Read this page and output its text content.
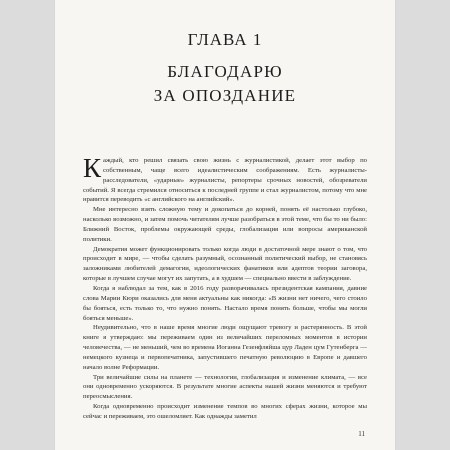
ГЛАВА 1
БЛАГОДАРЮ
ЗА ОПОЗДАНИЕ

Каждый, кто решил связать свою жизнь с журналистикой, делает этот выбор по собственным, чаще всего идеалистическим соображениям. Есть журналисты-расследователи, «ударные» журналисты, репортеры срочных новостей, обозреватели событий. Я всегда стремился относиться к последней группе и стал журналистом, потому что мне нравится переводить «с английского на английский».

Мне интересно взять сложную тему и докопаться до корней, понять её настолько глубоко, насколько возможно, и затем помочь читателям лучше разобраться в этой теме, что бы то ни было: Ближний Восток, проблемы окружающей среды, глобализация или вопросы американской политики.

Демократия может функционировать только когда люди в достаточной мере знают о том, что происходит в мире, — чтобы сделать разумный, осознанный политический выбор, не становясь заложниками любителей демагогии, идеологических фанатиков или адептов теории заговора, которые в лучшем случае могут их запутать, а в худшем — специально ввести в заблуждение.

Когда я наблюдал за тем, как в 2016 году разворачивалась президентская кампания, давние слова Марии Кюри оказались для меня актуальны как никогда: «В жизни нет ничего, чего стоило бы бояться, есть только то, что нужно понять. Настало время понять больше, чтобы мы могли бояться меньше».

Неудивительно, что в наше время многие люди ощущают тревогу и растерянность. В этой книге я утверждаю: мы переживаем один из величайших переломных моментов в истории человечества, — не меньший, чем во времена Иоганна Гезенфляйша цур Ладен цум Гутенберга — немецкого кузнеца и первопечатника, запустившего печатную революцию в Европе и давшего начало волне Реформации.

Три величайшие силы на планете — технологии, глобализация и изменение климата, — все они одновременно ускоряются. В результате многие аспекты нашей жизни меняются и требуют переосмысления.

Когда одновременно происходит изменение темпов во многих сферах жизни, которое мы сейчас и переживаем, это ошеломляет. Как однажды заметил

11
